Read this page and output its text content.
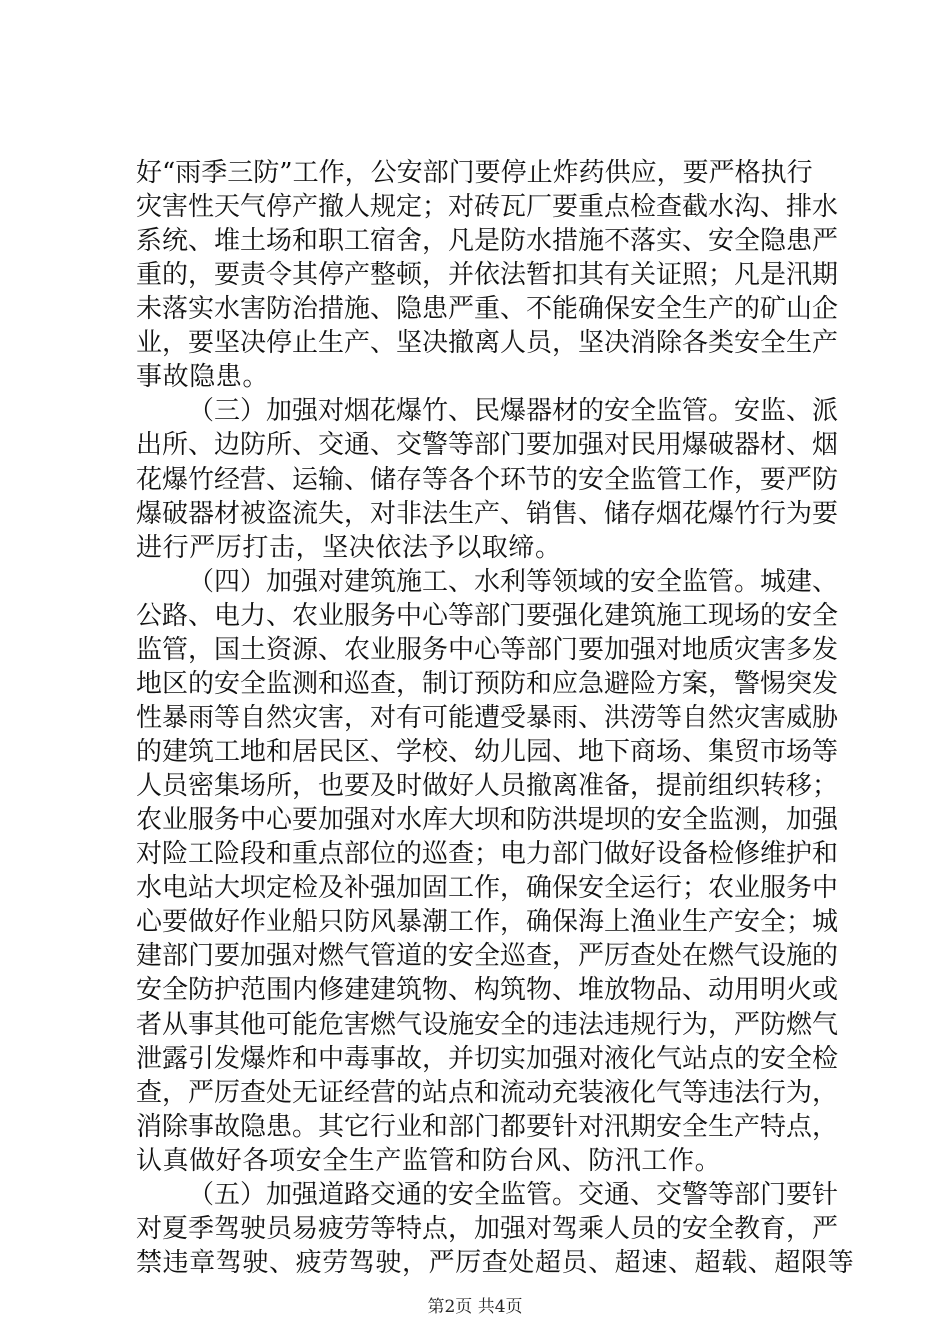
好“雨季三防”工作，公安部门要停止炸药供应，要严格执行
灾害性天气停产撤人规定；对砖瓦厂要重点检查截水沟、排水
系统、堆土场和职工宿舍，凡是防水措施不落实、安全隐患严
重的，要责令其停产整顿，并依法暂扣其有关证照；凡是汛期
未落实水害防治措施、隐患严重、不能确保安全生产的矿山企
业，要坚决停止生产、坚决撤离人员，坚决消除各类安全生产
事故隐患。
（三）加强对烟花爆竹、民爆器材的安全监管。安监、派
出所、边防所、交通、交警等部门要加强对民用爆破器材、烟
花爆竹经营、运输、储存等各个环节的安全监管工作，要严防
爆破器材被盗流失，对非法生产、销售、储存烟花爆竹行为要
进行严厉打击，坚决依法予以取缔。
（四）加强对建筑施工、水利等领域的安全监管。城建、
公路、电力、农业服务中心等部门要强化建筑施工现场的安全
监管，国土资源、农业服务中心等部门要加强对地质灾害多发
地区的安全监测和巡查，制订预防和应急避险方案，警惕突发
性暴雨等自然灾害，对有可能遭受暴雨、洪涝等自然灾害威胁
的建筑工地和居民区、学校、幼儿园、地下商场、集贸市场等
人员密集场所，也要及时做好人员撤离准备，提前组织转移；
农业服务中心要加强对水库大坝和防洪堤坝的安全监测，加强
对险工险段和重点部位的巡查；电力部门做好设备检修维护和
水电站大坝定检及补强加固工作，确保安全运行；农业服务中
心要做好作业船只防风暴潮工作，确保海上渔业生产安全；城
建部门要加强对燃气管道的安全巡查，严厉查处在燃气设施的
安全防护范围内修建建筑物、构筑物、堆放物品、动用明火或
者从事其他可能危害燃气设施安全的违法违规行为，严防燃气
泄露引发爆炸和中毒事故，并切实加强对液化气站点的安全检
查，严厉查处无证经营的站点和流动充装液化气等违法行为，
消除事故隐患。其它行业和部门都要针对汛期安全生产特点，
认真做好各项安全生产监管和防台风、防汛工作。
（五）加强道路交通的安全监管。交通、交警等部门要针
对夏季驾驶员易疲劳等特点，加强对驾乘人员的安全教育，严
禁违章驾驶、疲劳驾驶，严厉查处超员、超速、超载、超限等
第2页 共4页
